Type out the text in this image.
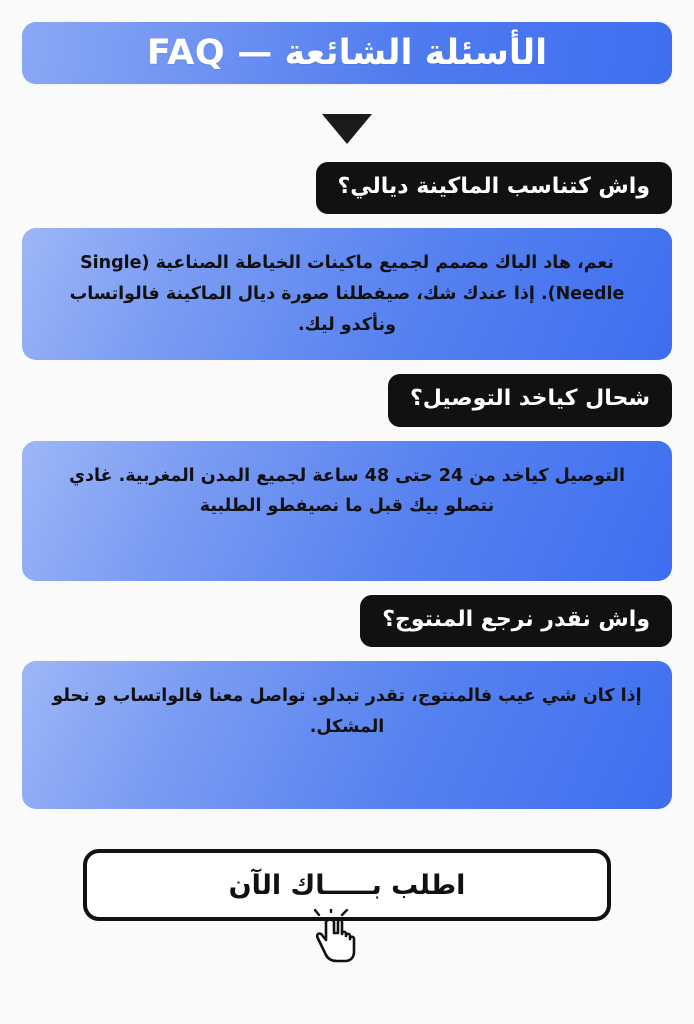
الأسئلة الشائعة — FAQ
واش كتناسب الماكينة ديالي؟

نعم، هاد الباك مصمم لجميع ماكينات الخياطة الصناعية (Single Needle). إذا عندك شك، صيفطلنا صورة ديال الماكينة فالواتساب ونأكدو ليك.

شحال كياخد التوصيل؟

التوصيل كياخد من 24 حتى 48 ساعة لجميع المدن المغربية. غادي نتصلو بيك قبل ما نصيفطو الطلبية

واش نقدر نرجع المنتوج؟

إذا كان شي عيب فالمنتوج، تقدر تبدلو. تواصل معنا فالواتساب و نحلو المشكل.

اطلب بـــــاك الآن
